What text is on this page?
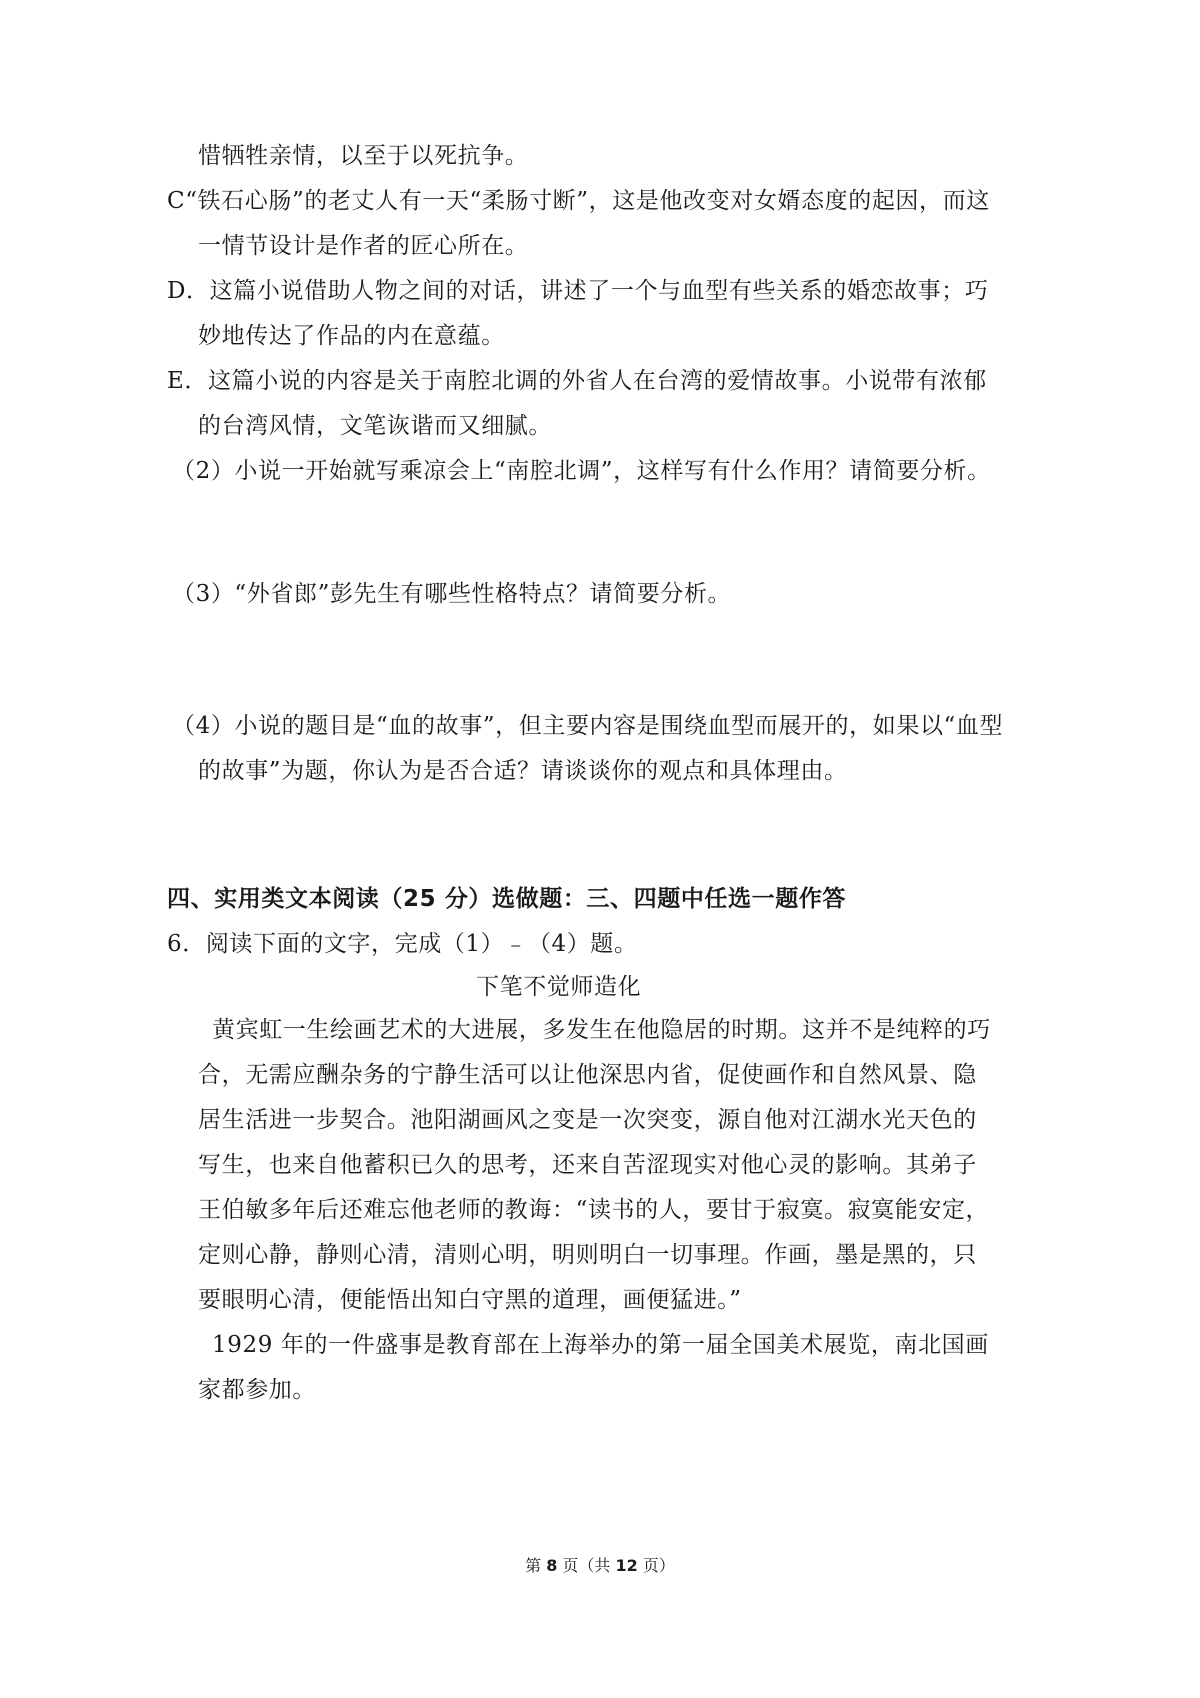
惜牺牲亲情，以至于以死抗争。
C“铁石心肠”的老丈人有一天“柔肠寸断”，这是他改变对女婿态度的起因，而这
一情节设计是作者的匠心所在。
D．这篇小说借助人物之间的对话，讲述了一个与血型有些关系的婚恋故事；巧
妙地传达了作品的内在意蕴。
E．这篇小说的内容是关于南腔北调的外省人在台湾的爱情故事。小说带有浓郁
的台湾风情，文笔诙谐而又细腻。
（2）小说一开始就写乘凉会上“南腔北调”，这样写有什么作用？请简要分析。
（3）“外省郎”彭先生有哪些性格特点？请简要分析。
（4）小说的题目是“血的故事”，但主要内容是围绕血型而展开的，如果以“血型
的故事”为题，你认为是否合适？请谈谈你的观点和具体理由。
四、实用类文本阅读（25 分）选做题：三、四题中任选一题作答
6．阅读下面的文字，完成（1）﹣（4）题。
下笔不觉师造化
黄宾虹一生绘画艺术的大进展，多发生在他隐居的时期。这并不是纯粹的巧
合，无需应酬杂务的宁静生活可以让他深思内省，促使画作和自然风景、隐
居生活进一步契合。池阳湖画风之变是一次突变，源自他对江湖水光天色的
写生，也来自他蓄积已久的思考，还来自苦涩现实对他心灵的影响。其弟子
王伯敏多年后还难忘他老师的教诲：“读书的人，要甘于寂寞。寂寞能安定，
定则心静，静则心清，清则心明，明则明白一切事理。作画，墨是黑的，只
要眼明心清，便能悟出知白守黑的道理，画便猛进。”
1929 年的一件盛事是教育部在上海举办的第一届全国美术展览，南北国画
家都参加。
第 8 页（共 12 页）
